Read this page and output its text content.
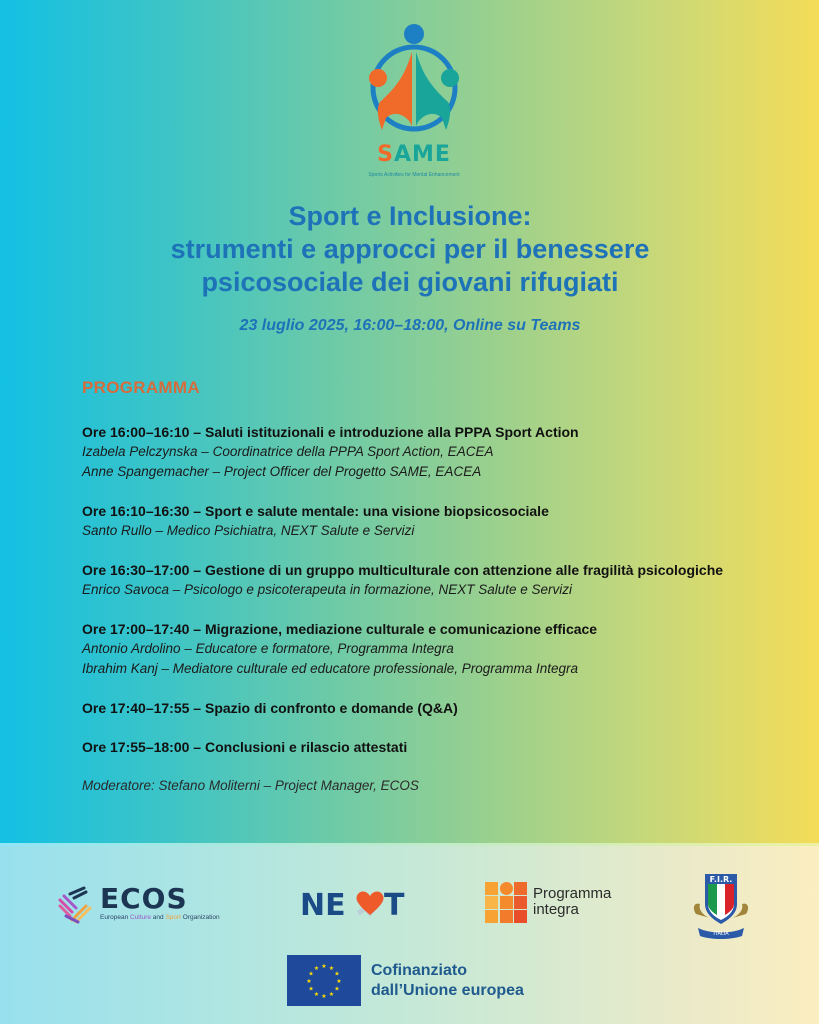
SAME
Sports Activities for Mental Enhancement
Sport e Inclusione:
strumenti e approcci per il benessere
psicosociale dei giovani rifugiati
23 luglio 2025, 16:00–18:00, Online su Teams
PROGRAMMA
Ore 16:00–16:10 – Saluti istituzionali e introduzione alla PPPA Sport Action
Izabela Pelczynska – Coordinatrice della PPPA Sport Action, EACEA
Anne Spangemacher – Project Officer del Progetto SAME, EACEA
Ore 16:10–16:30 – Sport e salute mentale: una visione biopsicosociale
Santo Rullo – Medico Psichiatra, NEXT Salute e Servizi
Ore 16:30–17:00 – Gestione di un gruppo multiculturale con attenzione alle fragilità psicologiche
Enrico Savoca – Psicologo e psicoterapeuta in formazione, NEXT Salute e Servizi
Ore 17:00–17:40 – Migrazione, mediazione culturale e comunicazione efficace
Antonio Ardolino – Educatore e formatore, Programma Integra
Ibrahim Kanj – Mediatore culturale ed educatore professionale, Programma Integra
Ore 17:40–17:55 – Spazio di confronto e domande (Q&A)
Ore 17:55–18:00 – Conclusioni e rilascio attestati
Moderatore: Stefano Moliterni – Project Manager, ECOS
ECOS
European Culture and Sport Organization	NE T	Programma
integra
F.I.R.
ITALIA
★ ★
★
★
★
★
★
★
★
★
★
★	Cofinanziato
dall’Unione europea
